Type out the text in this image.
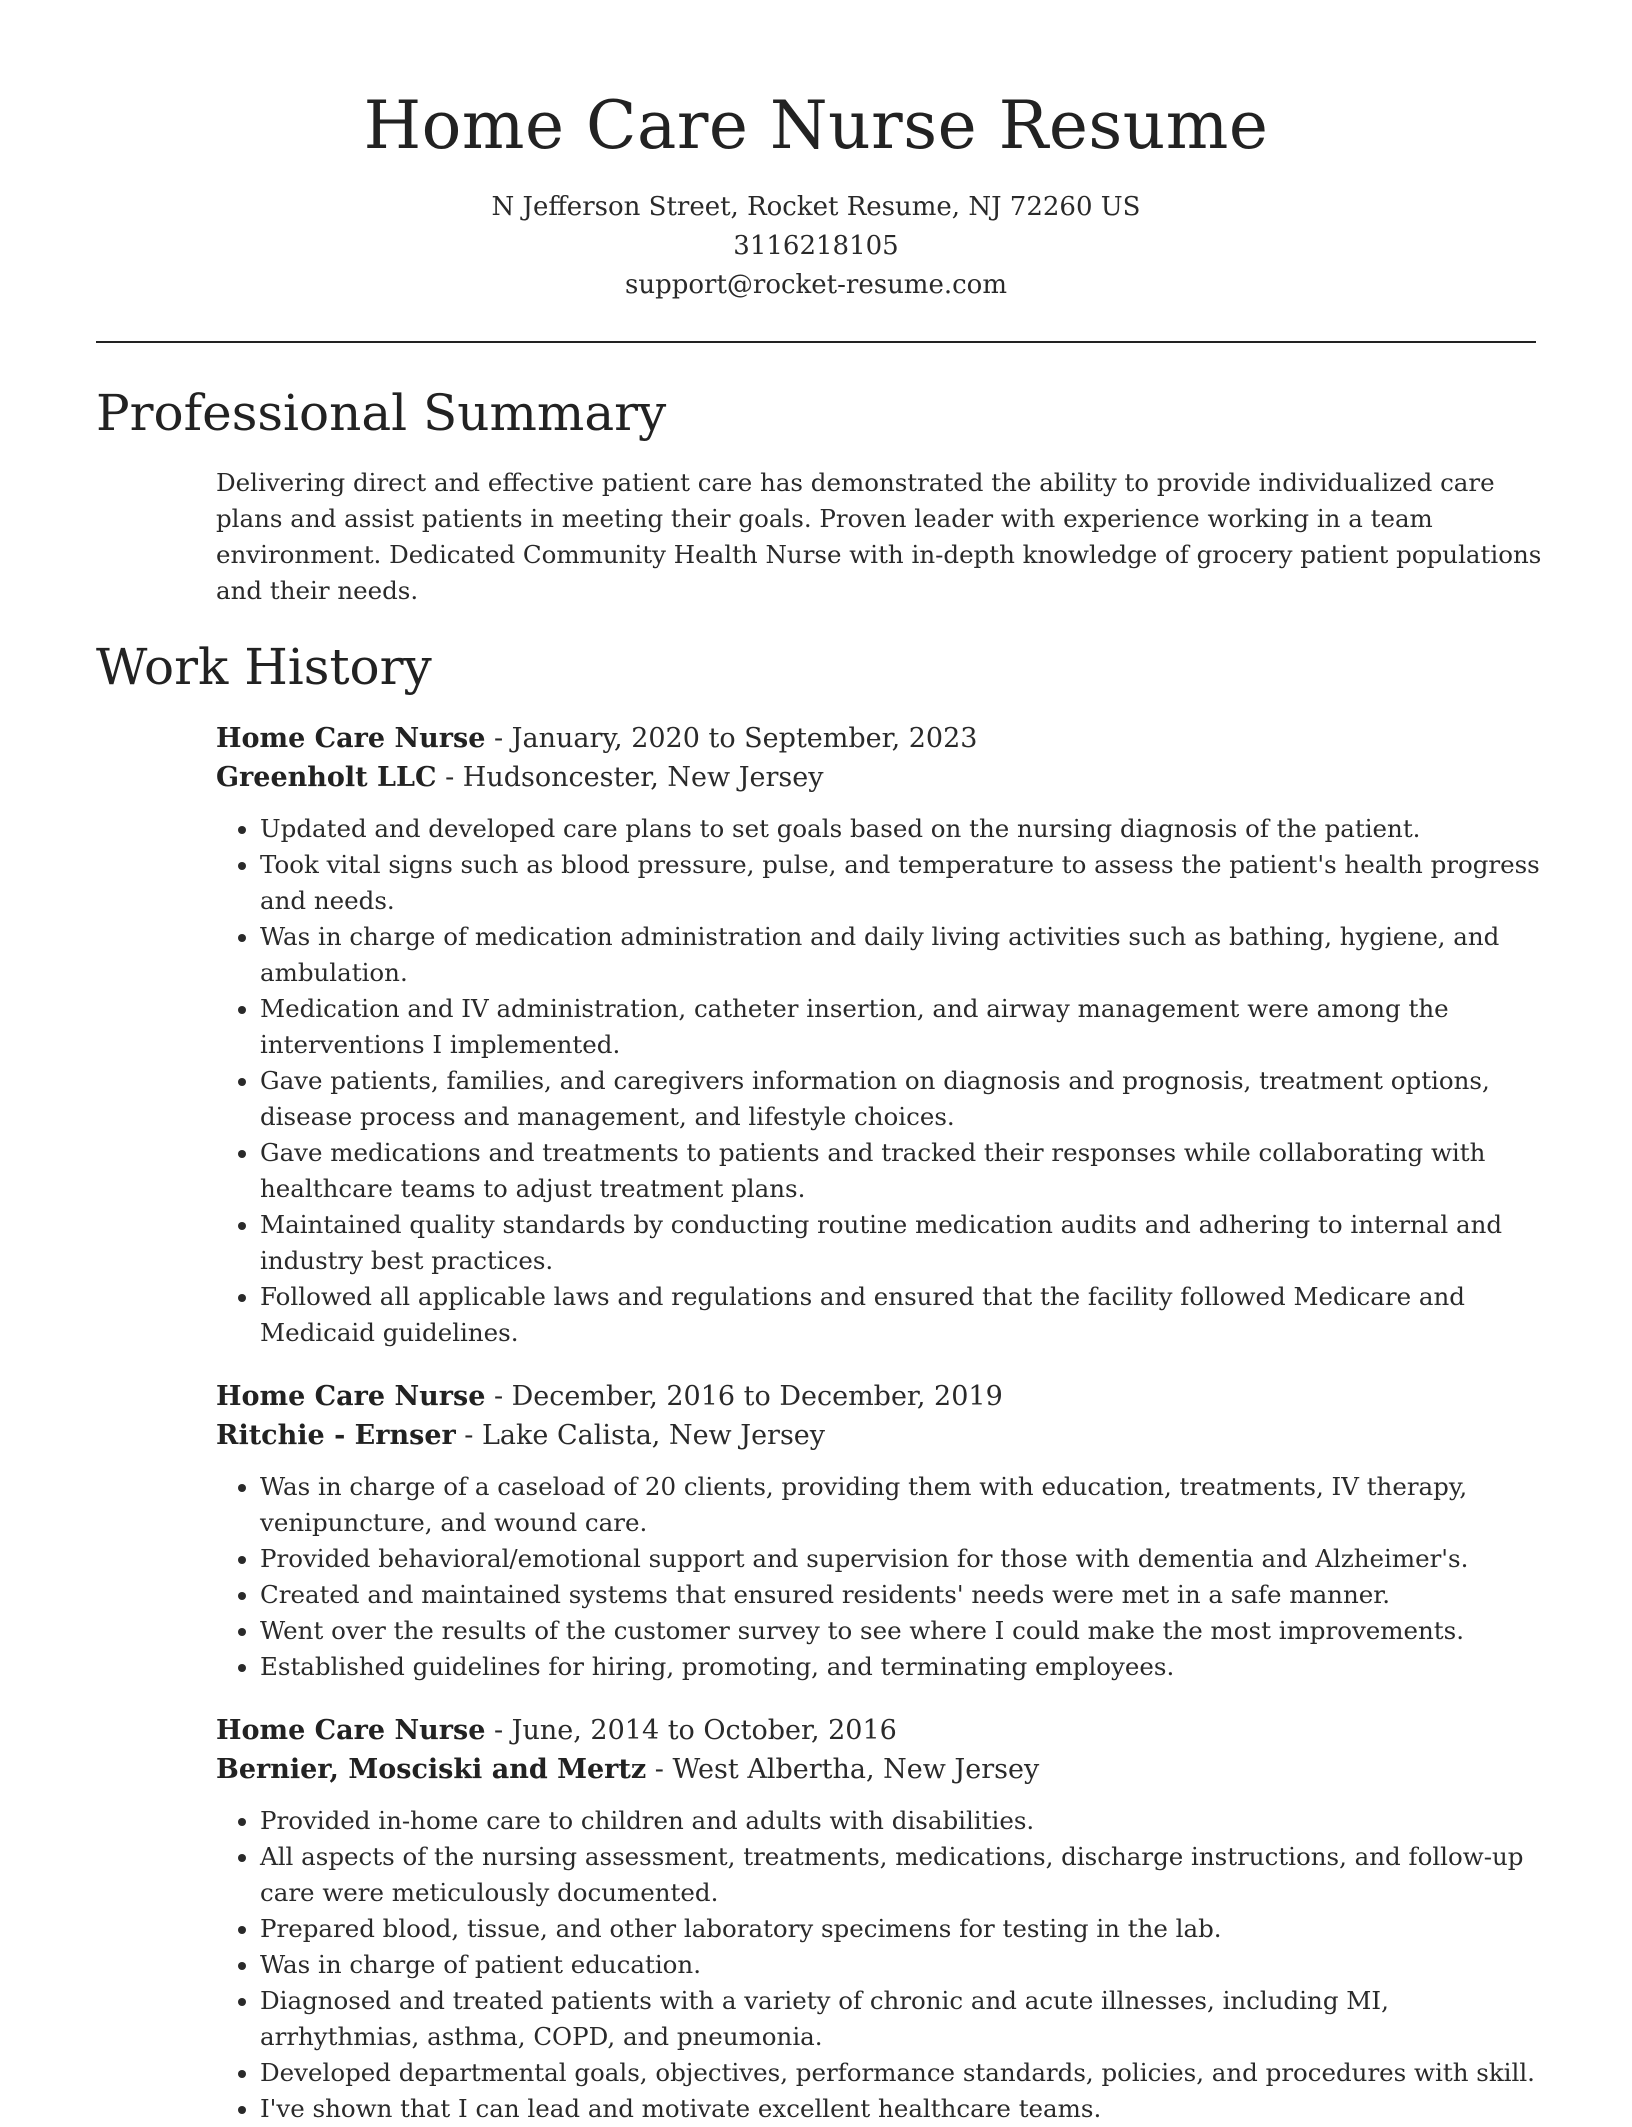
Home Care Nurse Resume
N Jefferson Street, Rocket Resume, NJ 72260 US
3116218105
support@rocket-resume.com
Professional Summary

Delivering direct and effective patient care has demonstrated the ability to provide individualized care plans and assist patients in meeting their goals. Proven leader with experience working in a team environment. Dedicated Community Health Nurse with in-depth knowledge of grocery patient populations and their needs.

Work History
Home Care Nurse - January, 2020 to September, 2023
Greenholt LLC - Hudsoncester, New Jersey
• Updated and developed care plans to set goals based on the nursing diagnosis of the patient.
• Took vital signs such as blood pressure, pulse, and temperature to assess the patient's health progress and needs.
• Was in charge of medication administration and daily living activities such as bathing, hygiene, and ambulation.
• Medication and IV administration, catheter insertion, and airway management were among the interventions I implemented.
• Gave patients, families, and caregivers information on diagnosis and prognosis, treatment options, disease process and management, and lifestyle choices.
• Gave medications and treatments to patients and tracked their responses while collaborating with healthcare teams to adjust treatment plans.
• Maintained quality standards by conducting routine medication audits and adhering to internal and industry best practices.
• Followed all applicable laws and regulations and ensured that the facility followed Medicare and Medicaid guidelines.
Home Care Nurse - December, 2016 to December, 2019
Ritchie - Ernser - Lake Calista, New Jersey
• Was in charge of a caseload of 20 clients, providing them with education, treatments, IV therapy, venipuncture, and wound care.
• Provided behavioral/emotional support and supervision for those with dementia and Alzheimer's.
• Created and maintained systems that ensured residents' needs were met in a safe manner.
• Went over the results of the customer survey to see where I could make the most improvements.
• Established guidelines for hiring, promoting, and terminating employees.
Home Care Nurse - June, 2014 to October, 2016
Bernier, Mosciski and Mertz - West Albertha, New Jersey
• Provided in-home care to children and adults with disabilities.
• All aspects of the nursing assessment, treatments, medications, discharge instructions, and follow-up care were meticulously documented.
• Prepared blood, tissue, and other laboratory specimens for testing in the lab.
• Was in charge of patient education.
• Diagnosed and treated patients with a variety of chronic and acute illnesses, including MI, arrhythmias, asthma, COPD, and pneumonia.
• Developed departmental goals, objectives, performance standards, policies, and procedures with skill.
• I've shown that I can lead and motivate excellent healthcare teams.
